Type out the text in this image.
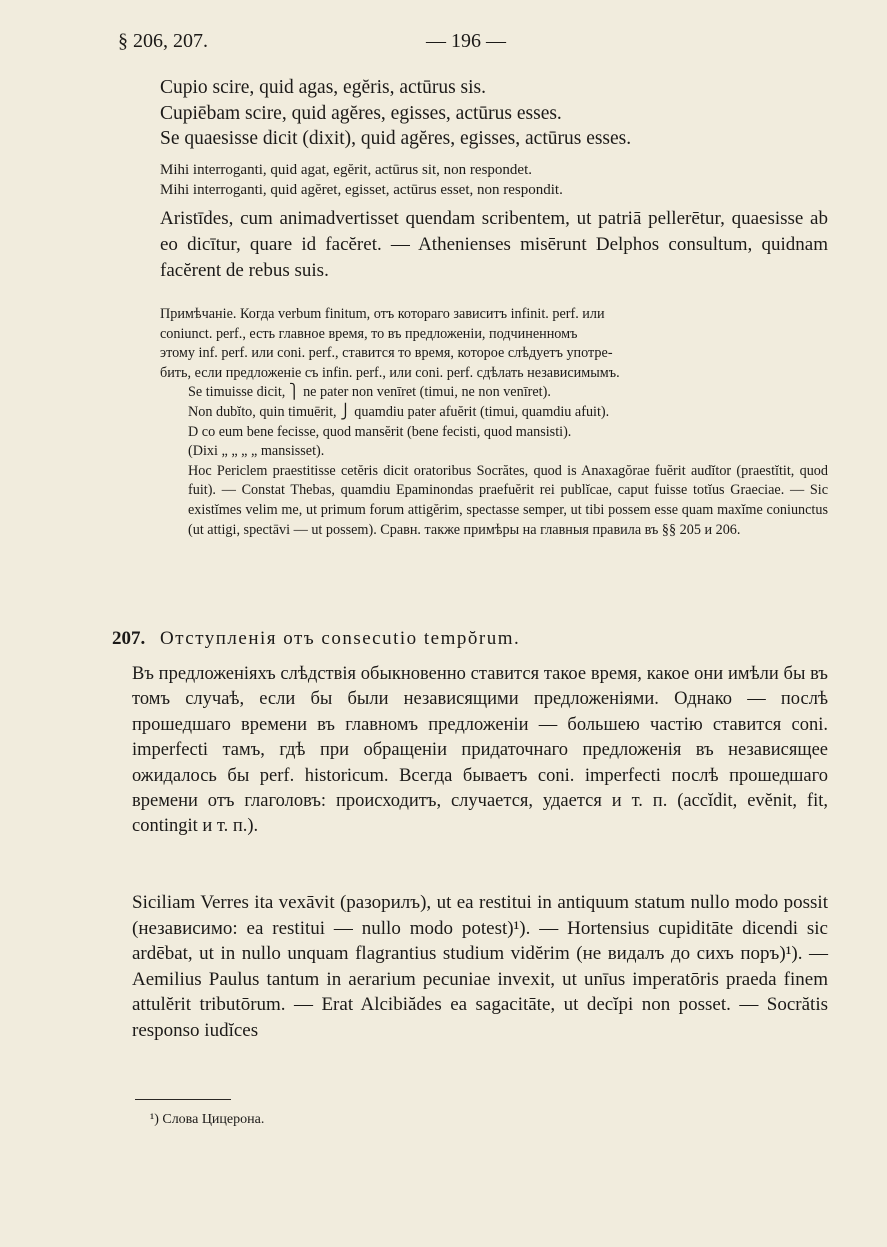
§ 206, 207.	— 196 —
Cupio scire, quid agas, egĕris, actūrus sis.
Cupiēbam scire, quid agĕres, egisses, actūrus esses.
Se quaesisse dicit (dixit), quid agĕres, egisses, actūrus esses.
Mihi interroganti, quid agat, egĕrit, actūrus sit, non respondet.
Mihi interroganti, quid agĕret, egisset, actūrus esset, non respondit.
Aristīdes, cum animadvertisset quendam scribentem, ut patriā pellerētur, quaesisse ab eo dicītur, quare id facĕret. — Athenienses misērunt Delphos consultum, quidnam facĕrent de rebus suis.
Примѣчаніе. Когда verbum finitum, отъ котораго зависитъ infinit. perf. или
coniunct. perf., есть главное время, то въ предложеніи, подчиненномъ
этому inf. perf. или coni. perf., ставится то время, которое слѣдуетъ употре-
бить, если предложеніе съ infin. perf., или coni. perf. сдѣлать независимымъ.
Se timuisse dicit, ⎫ ne pater non venīret (timui, ne non venīret).
Non dubĭto, quin timuērit, ⎭ quamdiu pater afuĕrit (timui, quamdiu afuit).
D co eum bene fecisse, quod mansĕrit (bene fecisti, quod mansisti).
(Dixi „ „ „ „ mansisset).
Hoc Periclem praestitisse cetĕris dicit oratoribus Socrătes, quod is Anaxagŏrae fuĕrit audĭtor (praestĭtit, quod fuit). — Constat Thebas, quamdiu Epaminondas praefuĕrit rei publĭcae, caput fuisse totĭus Graeciae. — Sic existĭmes velim me, ut primum forum attigĕrim, spectasse semper, ut tibi possem esse quam maxĭme coniunctus (ut attigi, spectāvi — ut possem). Сравн. также примѣры на главныя правила въ §§ 205 и 206.
207. Отступленія отъ consecutio tempŏrum.
Въ предложеніяхъ слѣдствія обыкновенно ставится такое время, какое они имѣли бы въ томъ случаѣ, если бы были независящими предложеніями. Однако — послѣ прошедшаго времени въ главномъ предложеніи — большею частію ставится coni. imperfecti тамъ, гдѣ при обращеніи придаточнаго предложенія въ независящее ожидалось бы perf. historicum. Всегда бываетъ coni. imperfecti послѣ прошедшаго времени отъ глаголовъ: происходитъ, случается, удается и т. п. (accĭdit, evĕnit, fit, contingit и т. п.).
Siciliam Verres ita vexāvit (разорилъ), ut ea restitui in antiquum statum nullo modo possit (независимо: ea restitui — nullo modo potest)¹). — Hortensius cupiditāte dicendi sic ardēbat, ut in nullo unquam flagrantius studium vidĕrim (не видалъ до сихъ поръ)¹). — Aemilius Paulus tantum in aerarium pecuniae invexit, ut unīus imperatōris praeda finem attulĕrit tributōrum. — Erat Alcibiădes ea sagacitāte, ut decĭpi non posset. — Socrătis responso iudĭces
¹) Слова Цицерона.
